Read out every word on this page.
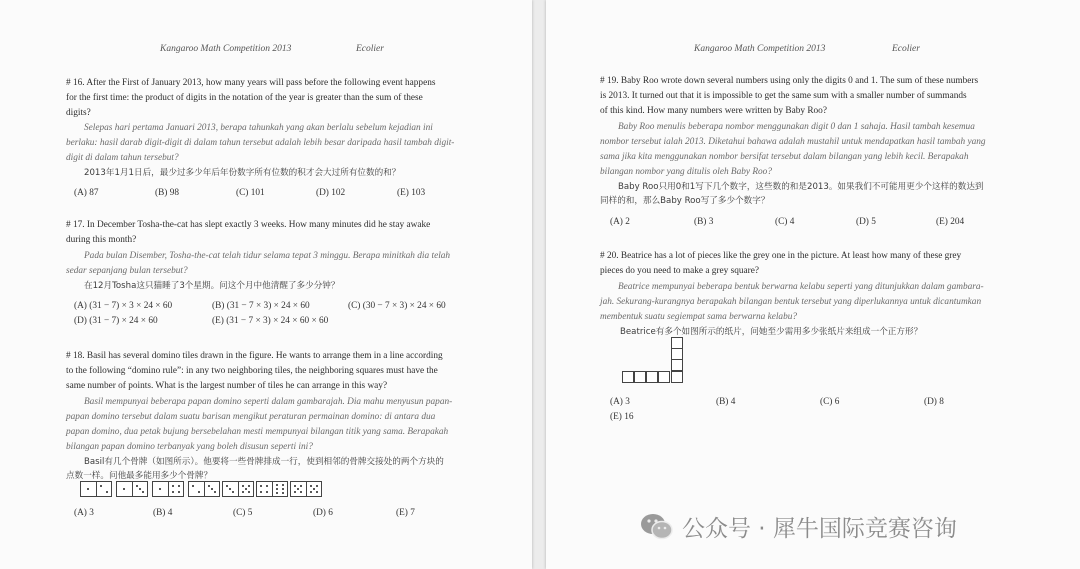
Kangaroo Math Competition 2013	Ecolier
# 16. After the First of January 2013, how many years will pass before the following event happens
for the first time: the product of digits in the notation of the year is greater than the sum of these
digits?
Selepas hari pertama Januari 2013, berapa tahunkah yang akan berlalu sebelum kejadian ini
berlaku: hasil darab digit-digit di dalam tahun tersebut adalah lebih besar daripada hasil tambah digit-
digit di dalam tahun tersebut?
2013年1月1日后，最少过多少年后年份数字所有位数的积才会大过所有位数的和？
(A) 87	(B) 98	(C) 101	(D) 102	(E) 103
# 17. In December Tosha-the-cat has slept exactly 3 weeks. How many minutes did he stay awake
during this month?
Pada bulan Disember, Tosha-the-cat telah tidur selama tepat 3 minggu. Berapa minitkah dia telah
sedar sepanjang bulan tersebut?
在12月Tosha这只猫睡了3个星期。问这个月中他清醒了多少分钟？
(A) (31 − 7) × 3 × 24 × 60	(B) (31 − 7 × 3) × 24 × 60	(C) (30 − 7 × 3) × 24 × 60
(D) (31 − 7) × 24 × 60	(E) (31 − 7 × 3) × 24 × 60 × 60
# 18. Basil has several domino tiles drawn in the figure. He wants to arrange them in a line according
to the following “domino rule”: in any two neighboring tiles, the neighboring squares must have the
same number of points. What is the largest number of tiles he can arrange in this way?
Basil mempunyai beberapa papan domino seperti dalam gambarajah. Dia mahu menyusun papan-
papan domino tersebut dalam suatu barisan mengikut peraturan permainan domino: di antara dua
papan domino, dua petak bujung bersebelahan mesti mempunyai bilangan titik yang sama. Berapakah
bilangan papan domino terbanyak yang boleh disusun seperti ini?
Basil有几个骨牌（如图所示）。他要将一些骨牌排成一行，使到相邻的骨牌交接处的两个方块的
点数一样。问他最多能用多少个骨牌？
(A) 3	(B) 4	(C) 5	(D) 6	(E) 7
Kangaroo Math Competition 2013	Ecolier
# 19. Baby Roo wrote down several numbers using only the digits 0 and 1. The sum of these numbers
is 2013. It turned out that it is impossible to get the same sum with a smaller number of summands
of this kind. How many numbers were written by Baby Roo?
Baby Roo menulis beberapa nombor menggunakan digit 0 dan 1 sahaja. Hasil tambah kesemua
nombor tersebut ialah 2013. Diketahui bahawa adalah mustahil untuk mendapatkan hasil tambah yang
sama jika kita menggunakan nombor bersifat tersebut dalam bilangan yang lebih kecil. Berapakah
bilangan nombor yang ditulis oleh Baby Roo?
Baby Roo只用0和1写下几个数字，这些数的和是2013。如果我们不可能用更少个这样的数达到
同样的和，那么Baby Roo写了多少个数字？
(A) 2	(B) 3	(C) 4	(D) 5	(E) 204
# 20. Beatrice has a lot of pieces like the grey one in the picture. At least how many of these grey
pieces do you need to make a grey square?
Beatrice mempunyai beberapa bentuk berwarna kelabu seperti yang ditunjukkan dalam gambara-
jah. Sekurang-kurangnya berapakah bilangan bentuk tersebut yang diperlukannya untuk dicantumkan
membentuk suatu segiempat sama berwarna kelabu?
Beatrice有多个如图所示的纸片，问她至少需用多少张纸片来组成一个正方形？
(A) 3	(B) 4	(C) 6	(D) 8
(E) 16
公众号 · 犀牛国际竞赛咨询
